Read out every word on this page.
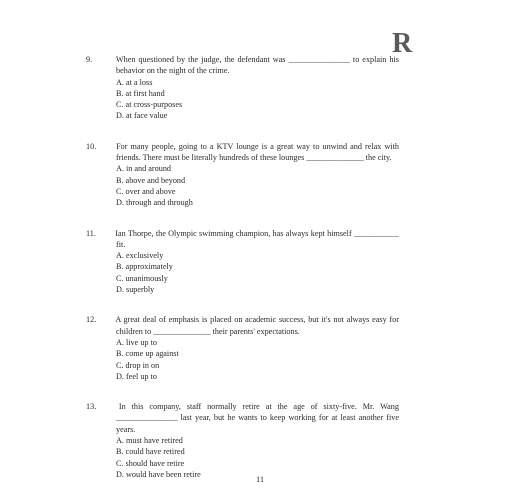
R
9.	When questioned by the judge, the defendant was _______________ to explain his behavior on the night of the crime.
A. at a loss
B. at first hand
C. at cross-purposes
D. at face value
10. For many people, going to a KTV lounge is a great way to unwind and relax with friends. There must be literally hundreds of these lounges ______________ the city.
A. in and around
B. above and beyond
C. over and above
D. through and through
11. Ian Thorpe, the Olympic swimming champion, has always kept himself ___________ fit.
A. exclusively
B. approximately
C. unanimously
D. superbly
12. A great deal of emphasis is placed on academic success, but it's not always easy for children to ______________ their parents' expectations.
A. live up to
B. come up against
C. drop in on
D. feel up to
13.	In this company, staff normally retire at the age of sixty-five. Mr. Wang _______________ last year, but he wants to keep working for at least another five years.
A. must have retired
B. could have retired
C. should have retire
D. would have been retire
11
